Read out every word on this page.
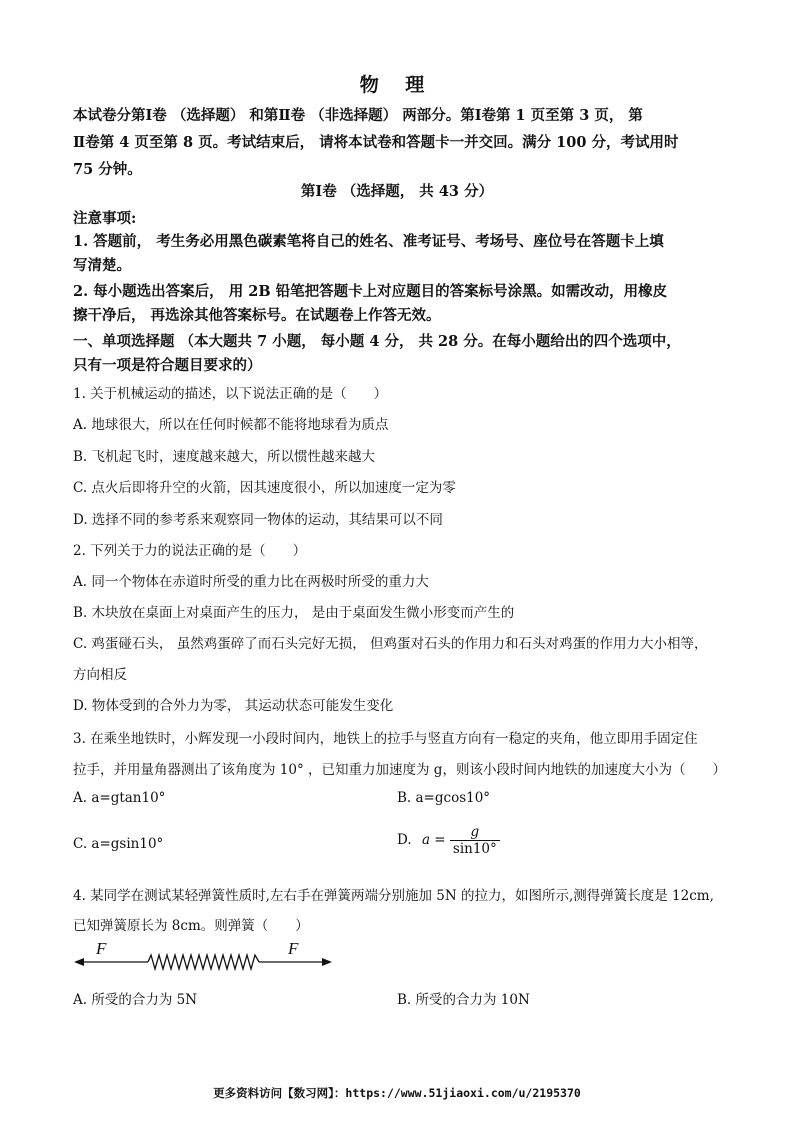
物 理
本试卷分第Ⅰ卷 （选择题） 和第Ⅱ卷 （非选择题） 两部分。第Ⅰ卷第 1 页至第 3 页， 第
Ⅱ卷第 4 页至第 8 页。考试结束后， 请将本试卷和答题卡一并交回。满分 100 分，考试用时
75 分钟。
第Ⅰ卷 （选择题， 共 43 分）
注意事项:
1. 答题前， 考生务必用黑色碳素笔将自己的姓名、准考证号、考场号、座位号在答题卡上填
写清楚。
2. 每小题选出答案后， 用 2B 铅笔把答题卡上对应题目的答案标号涂黑。如需改动，用橡皮
擦干净后， 再选涂其他答案标号。在试题卷上作答无效。
一、单项选择题 （本大题共 7 小题， 每小题 4 分， 共 28 分。在每小题给出的四个选项中，
只有一项是符合题目要求的）
1. 关于机械运动的描述，以下说法正确的是（　　）
A. 地球很大，所以在任何时候都不能将地球看为质点
B. 飞机起飞时，速度越来越大，所以惯性越来越大
C. 点火后即将升空的火箭，因其速度很小，所以加速度一定为零
D. 选择不同的参考系来观察同一物体的运动，其结果可以不同
2. 下列关于力的说法正确的是（　　）
A. 同一个物体在赤道时所受的重力比在两极时所受的重力大
B. 木块放在桌面上对桌面产生的压力， 是由于桌面发生微小形变而产生的
C. 鸡蛋碰石头， 虽然鸡蛋碎了而石头完好无损， 但鸡蛋对石头的作用力和石头对鸡蛋的作用力大小相等，
方向相反
D. 物体受到的合外力为零， 其运动状态可能发生变化
3. 在乘坐地铁时，小辉发现一小段时间内，地铁上的拉手与竖直方向有一稳定的夹角，他立即用手固定住
拉手，并用量角器测出了该角度为 10° ，已知重力加速度为 g，则该小段时间内地铁的加速度大小为（　　）
A. a=gtan10°	B. a=gcos10°
C. a=gsin10°	D. $a = \frac{g}{\sin 10^\circ}$
4. 某同学在测试某轻弹簧性质时,左右手在弹簧两端分别施加 5N 的拉力，如图所示,测得弹簧长度是 12cm,
已知弹簧原长为 8cm。则弹簧（　　）
F	F
A. 所受的合力为 5N	B. 所受的合力为 10N
更多资料访问【数习网】：https://www.51jiaoxi.com/u/2195370
